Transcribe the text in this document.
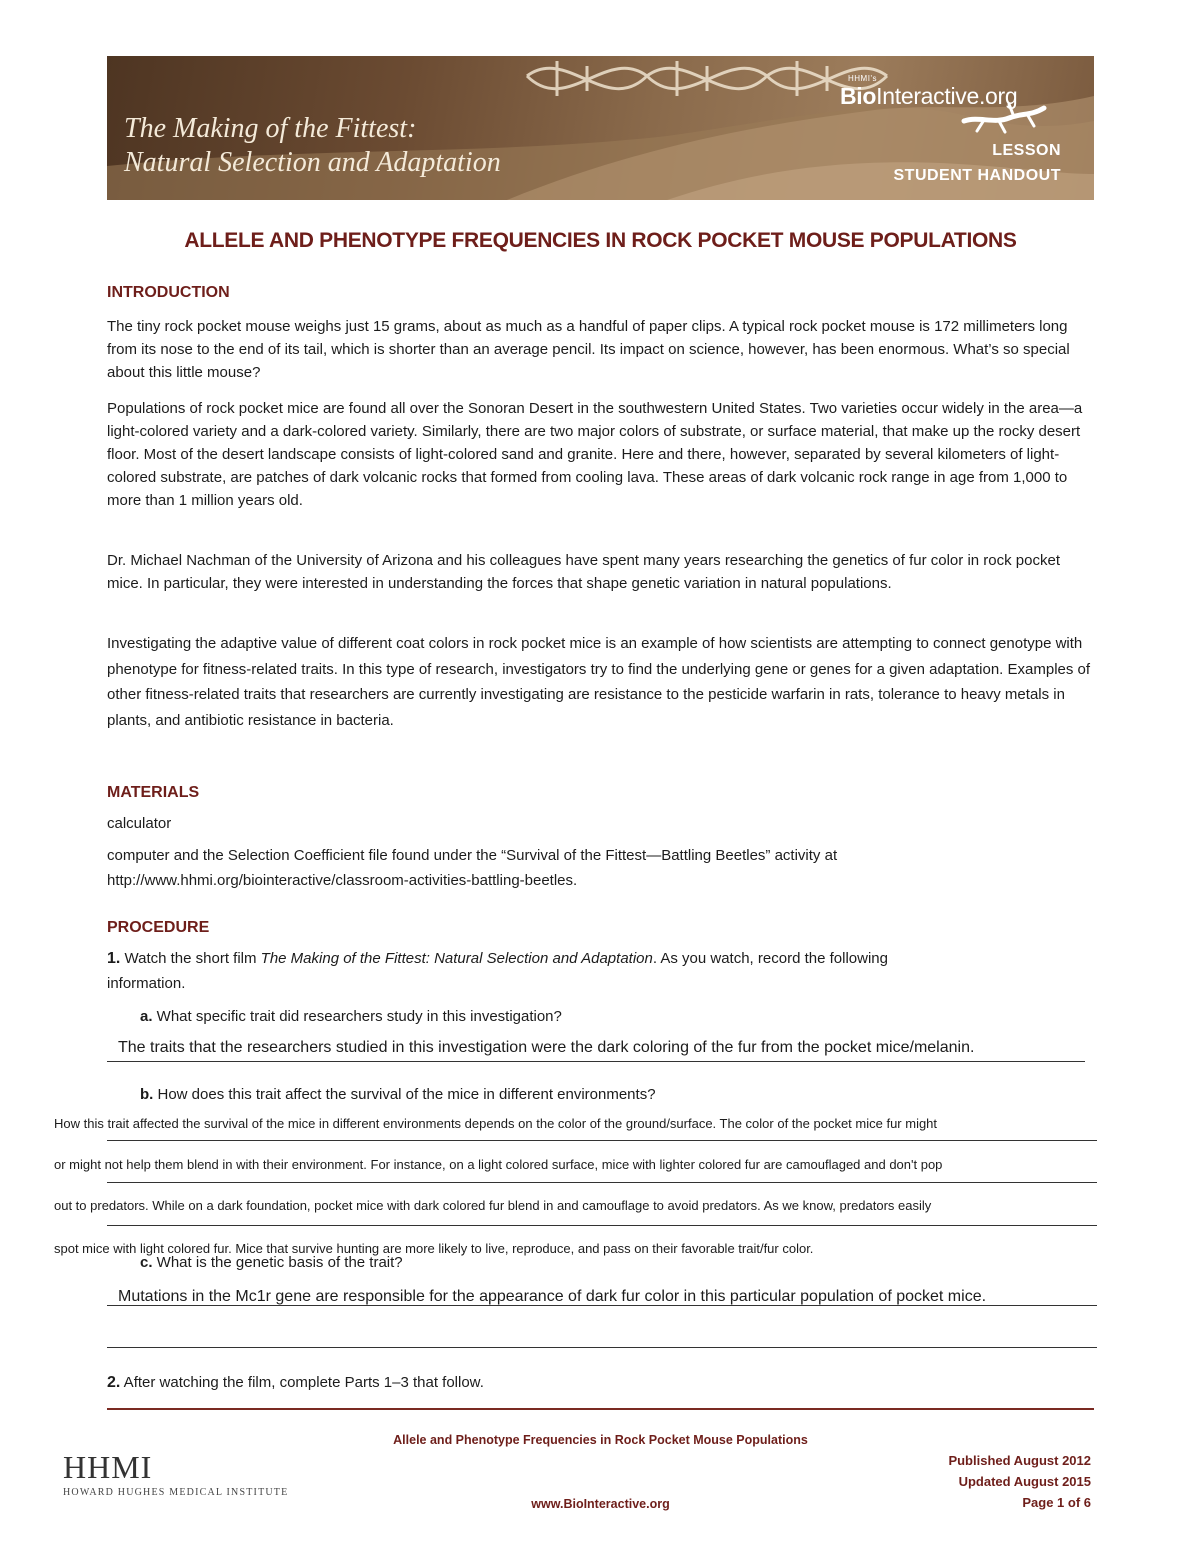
The Making of the Fittest:
Natural Selection and Adaptation
HHMI's
BioInteractive.org
LESSON
STUDENT HANDOUT
ALLELE AND PHENOTYPE FREQUENCIES IN ROCK POCKET MOUSE POPULATIONS
INTRODUCTION

The tiny rock pocket mouse weighs just 15 grams, about as much as a handful of paper clips. A typical rock pocket mouse is 172 millimeters long from its nose to the end of its tail, which is shorter than an average pencil. Its impact on science, however, has been enormous. What’s so special about this little mouse?

Populations of rock pocket mice are found all over the Sonoran Desert in the southwestern United States. Two varieties occur widely in the area—a light-colored variety and a dark-colored variety. Similarly, there are two major colors of substrate, or surface material, that make up the rocky desert floor. Most of the desert landscape consists of light-colored sand and granite. Here and there, however, separated by several kilometers of light-colored substrate, are patches of dark volcanic rocks that formed from cooling lava. These areas of dark volcanic rock range in age from 1,000 to more than 1 million years old.

Dr. Michael Nachman of the University of Arizona and his colleagues have spent many years researching the genetics of fur color in rock pocket mice. In particular, they were interested in understanding the forces that shape genetic variation in natural populations.

Investigating the adaptive value of different coat colors in rock pocket mice is an example of how scientists are attempting to connect genotype with phenotype for fitness-related traits. In this type of research, investigators try to find the underlying gene or genes for a given adaptation. Examples of other fitness-related traits that researchers are currently investigating are resistance to the pesticide warfarin in rats, tolerance to heavy metals in plants, and antibiotic resistance in bacteria.

MATERIALS
calculator
computer and the Selection Coefficient file found under the “Survival of the Fittest—Battling Beetles” activity at
http://www.hhmi.org/biointeractive/classroom-activities-battling-beetles.
PROCEDURE
1. Watch the short film The Making of the Fittest: Natural Selection and Adaptation. As you watch, record the following
information.
a. What specific trait did researchers study in this investigation?
The traits that the researchers studied in this investigation were the dark coloring of the fur from the pocket mice/melanin.
b. How does this trait affect the survival of the mice in different environments?
How this trait affected the survival of the mice in different environments depends on the color of the ground/surface. The color of the pocket mice fur might
or might not help them blend in with their environment. For instance, on a light colored surface, mice with lighter colored fur are camouflaged and don't pop
out to predators. While on a dark foundation, pocket mice with dark colored fur blend in and camouflage to avoid predators. As we know, predators easily
spot mice with light colored fur. Mice that survive hunting are more likely to live, reproduce, and pass on their favorable trait/fur color.
c. What is the genetic basis of the trait?
Mutations in the Mc1r gene are responsible for the appearance of dark fur color in this particular population of pocket mice.
2. After watching the film, complete Parts 1–3 that follow.
Allele and Phenotype Frequencies in Rock Pocket Mouse Populations
www.BioInteractive.org
Published August 2012
Updated August 2015
Page 1 of 6
HHMI
HOWARD HUGHES MEDICAL INSTITUTE
